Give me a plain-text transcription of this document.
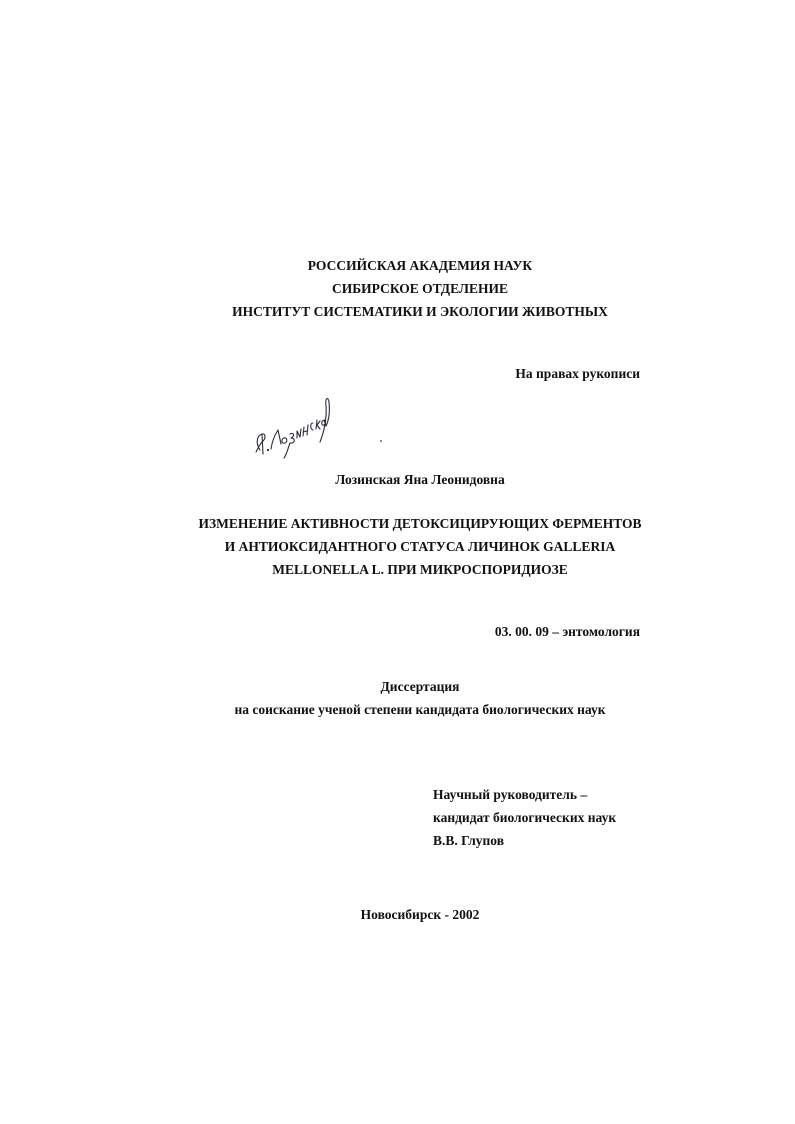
РОССИЙСКАЯ АКАДЕМИЯ НАУК
СИБИРСКОЕ ОТДЕЛЕНИЕ
ИНСТИТУТ СИСТЕМАТИКИ И ЭКОЛОГИИ ЖИВОТНЫХ
На правах рукописи
Лозинская Яна Леонидовна
ИЗМЕНЕНИЕ АКТИВНОСТИ ДЕТОКСИЦИРУЮЩИХ ФЕРМЕНТОВ
И АНТИОКСИДАНТНОГО СТАТУСА ЛИЧИНОК GALLERIA
MELLONELLA L. ПРИ МИКРОСПОРИДИОЗЕ
03. 00. 09 – энтомология
Диссертация
на соискание ученой степени кандидата биологических наук
Научный руководитель –
кандидат биологических наук
В.В. Глупов
Новосибирск - 2002
